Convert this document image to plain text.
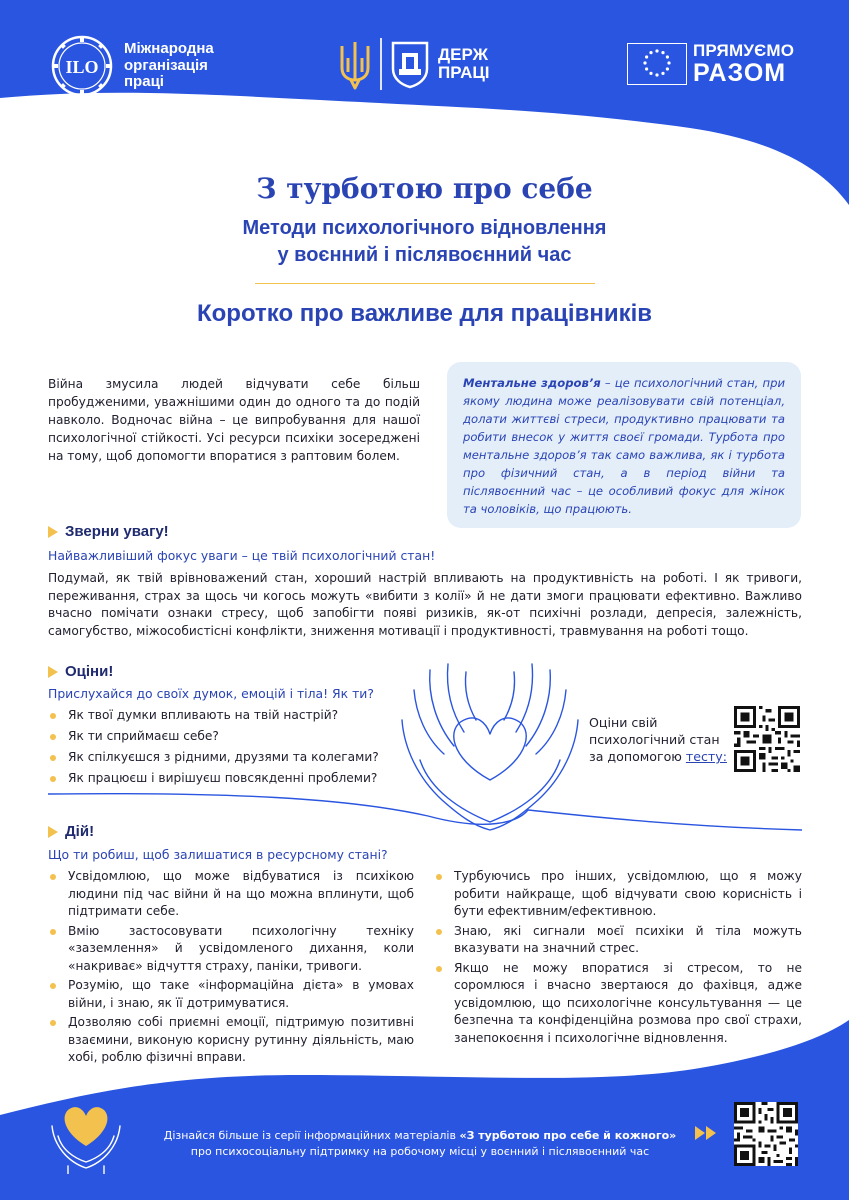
ILO
Міжнародна
організація
праці
ДЕРЖ
ПРАЦІ
ПРЯМУЄМО
РАЗОМ
З турботою про себе
Методи психологічного відновлення
у воєнний і післявоєнний час
Коротко про важливе для працівників

Війна змусила людей відчувати себе більш пробудженими, уважнішими один до одного та до подій навколо. Водночас війна – це випробування для нашої психологічної стійкості. Усі ресурси психіки зосереджені на тому, щоб допомогти впоратися з раптовим болем.

Ментальне здоров’я – це психологічний стан, при якому людина може реалізовувати свій потенціал, долати життєві стреси, продуктивно працювати та робити внесок у життя своєї громади. Турбота про ментальне здоров’я так само важлива, як і турбота про фізичний стан, а в період війни та післявоєнний час – це особливий фокус для жінок та чоловіків, що працюють.

Зверни увагу!
Найважливіший фокус уваги – це твій психологічний стан!

Подумай, як твій врівноважений стан, хороший настрій впливають на продуктивність на роботі. І як тривоги, переживання, страх за щось чи когось можуть «вибити з колії» й не дати змоги працювати ефективно. Важливо вчасно помічати ознаки стресу, щоб запобігти появі ризиків, як-от психічні розлади, депресія, залежність, самогубство, міжособистісні конфлікти, зниження мотивації і продуктивності, травмування на роботі тощо.

Оціни!
Прислухайся до своїх думок, емоцій і тіла! Як ти?
Як твої думки впливають на твій настрій?
Як ти сприймаєш себе?
Як спілкуєшся з рідними, друзями та колегами?
Як працюєш і вирішуєш повсякденні проблеми?
Оціни свій
психологічний стан
за допомогою тесту:
Дій!
Що ти робиш, щоб залишатися в ресурсному стані?
Усвідомлюю, що може відбуватися із психікою людини під час війни й на що можна вплинути, щоб підтримати себе.
Вмію застосовувати психологічну техніку «заземлення» й усвідомленого дихання, коли «накриває» відчуття страху, паніки, тривоги.
Розумію, що таке «інформаційна дієта» в умовах війни, і знаю, як її дотримуватися.
Дозволяю собі приємні емоції, підтримую позитивні взаємини, виконую корисну рутинну діяльність, маю хобі, роблю фізичні вправи.
Турбуючись про інших, усвідомлюю, що я можу робити найкраще, щоб відчувати свою корисність і бути ефективним/ефективною.
Знаю, які сигнали моєї психіки й тіла можуть вказувати на значний стрес.
Якщо не можу впоратися зі стресом, то не соромлюся і вчасно звертаюся до фахівця, адже усвідомлюю, що психологічне консультування — це безпечна та конфіденційна розмова про свої страхи, занепокоєння і психологічне відновлення.
Дізнайся більше із серії інформаційних матеріалів «З турботою про себе й кожного»
про психосоціальну підтримку на робочому місці у воєнний і післявоєнний час
